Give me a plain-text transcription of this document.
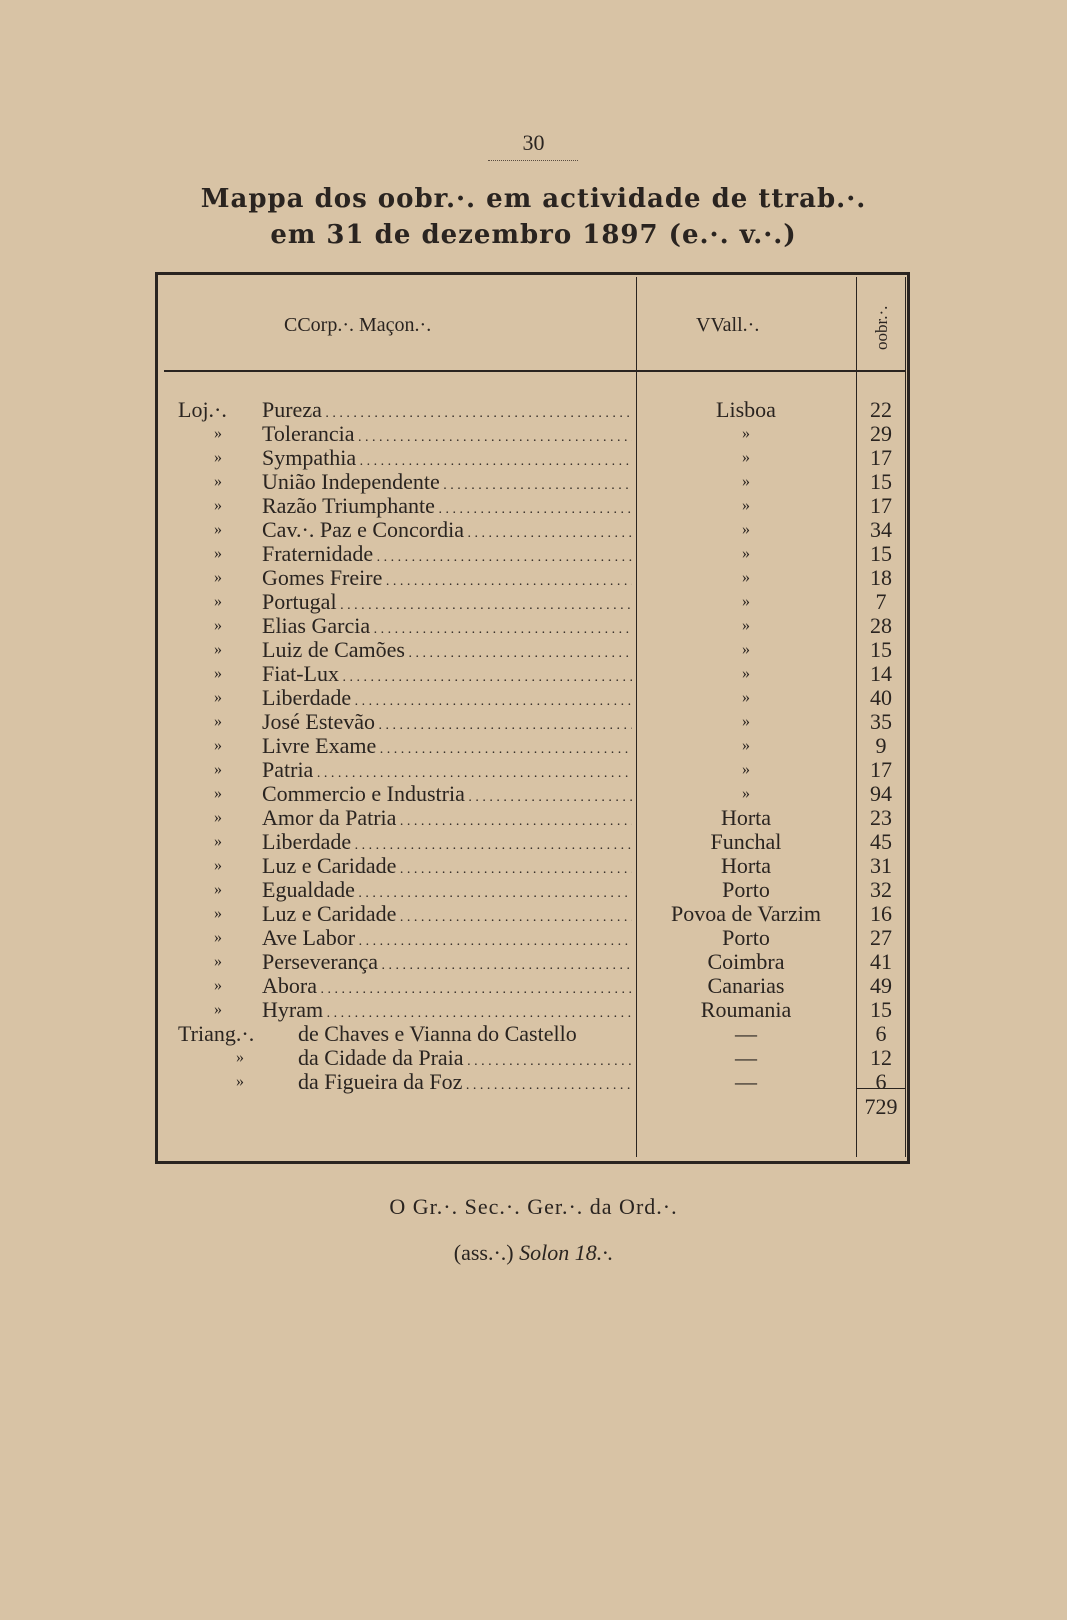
30
Mappa dos oobr.·. em actividade de ttrab.·.
em 31 de dezembro 1897 (e.·. v.·.)
CCorp.·. Maçon.·.	VVall.·.	oobr.·.
Loj.·. Pureza . . .	Lisboa	22
» Tolerancia . . .	»	29
» Sympathia . . .	»	17
» União Independente . . .	»	15
» Razão Triumphante . . .	»	17
» Cav.·. Paz e Concordia . . .	»	34
» Fraternidade . . .	»	15
» Gomes Freire . . .	»	18
» Portugal . . .	»	7
» Elias Garcia . . .	»	28
» Luiz de Camões . . .	»	15
» Fiat-Lux . . .	»	14
» Liberdade . . .	»	40
» José Estevão . . .	»	35
» Livre Exame . . .	»	9
» Patria . . .	»	17
» Commercio e Industria . . .	»	94
» Amor da Patria . . .	Horta	23
» Liberdade . . .	Funchal	45
» Luz e Caridade . . .	Horta	31
» Egualdade . . .	Porto	32
» Luz e Caridade . . .	Povoa de Varzim	16
» Ave Labor . . .	Porto	27
» Perseverança . . .	Coimbra	41
» Abora . . .	Canarias	49
» Hyram . . .	Roumania	15
Triang.·. de Chaves e Vianna do Castello	—	6
» da Cidade da Praia . . .	—	12
» da Figueira da Foz . . .	—	6
729
O Gr.·. Sec.·. Ger.·. da Ord.·.
(ass.·.) Solon 18.·.
